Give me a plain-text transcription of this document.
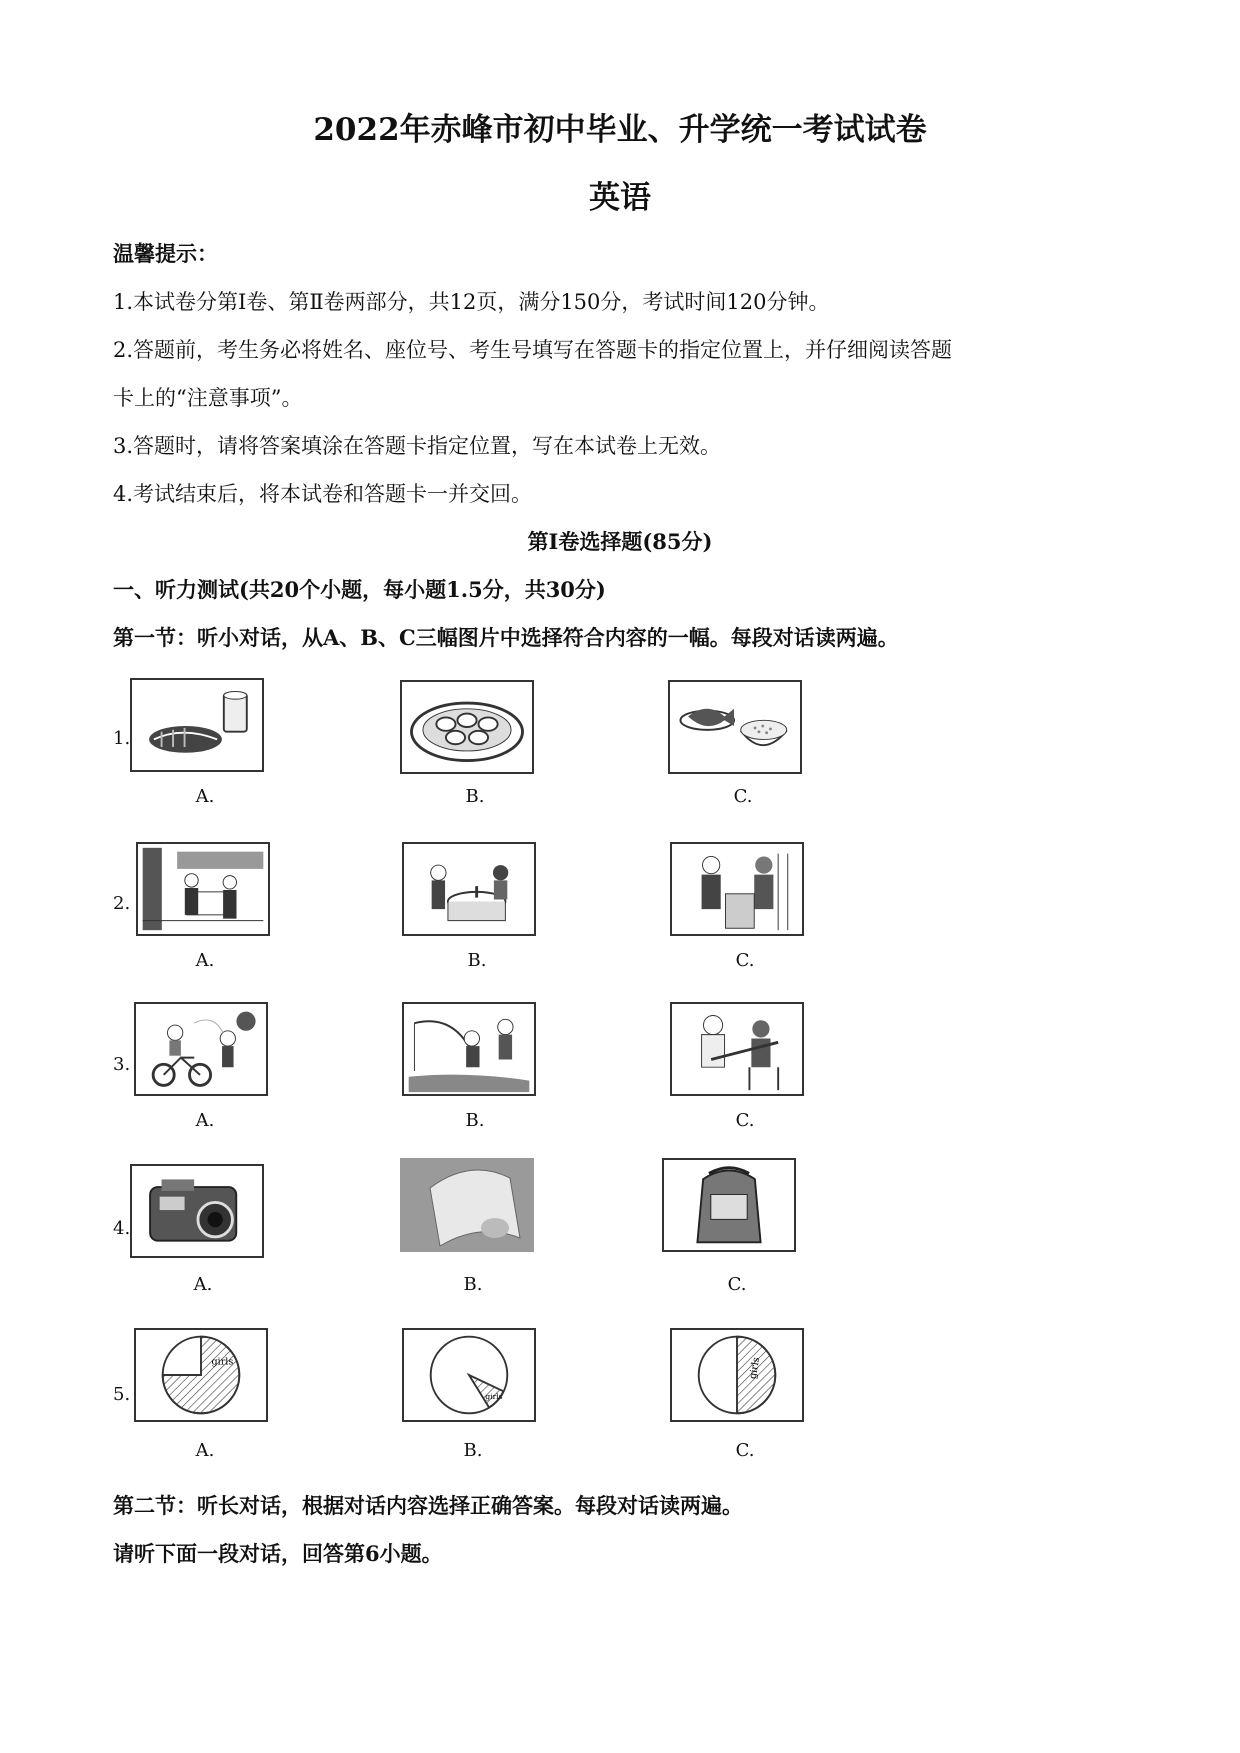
2022年赤峰市初中毕业、升学统一考试试卷
英语
温馨提示：
1.本试卷分第Ⅰ卷、第Ⅱ卷两部分，共12页，满分150分，考试时间120分钟。
2.答题前，考生务必将姓名、座位号、考生号填写在答题卡的指定位置上，并仔细阅读答题
卡上的“注意事项”。
3.答题时，请将答案填涂在答题卡指定位置，写在本试卷上无效。
4.考试结束后，将本试卷和答题卡一并交回。
第Ⅰ卷选择题(85分)
一、听力测试(共20个小题，每小题1.5分，共30分)
第一节：听小对话，从A、B、C三幅图片中选择符合内容的一幅。每段对话读两遍。
1.
A.	B.	C.
2.
A.	B.	C.
3.
A.	B.	C.
4.
A.	B.	C.
5.
girls
A.
girls
B.
girls
C.
第二节：听长对话，根据对话内容选择正确答案。每段对话读两遍。
请听下面一段对话，回答第6小题。
